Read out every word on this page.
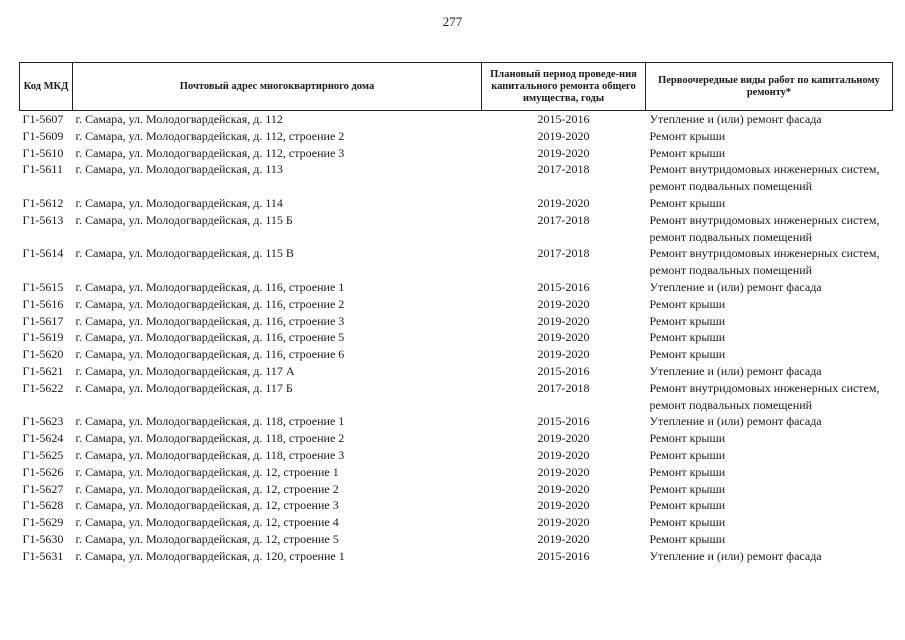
277
Код МКД	Почтовый адрес многоквартирного дома	Плановый период проведе-ния капитального ремонта общего имущества, годы	Первоочередные виды работ по капитальному ремонту*
Г1-5607	г. Самара, ул. Молодогвардейская, д. 112	2015-2016	Утепление и (или) ремонт фасада

Г1-5609	г. Самара, ул. Молодогвардейская, д. 112, строение 2	2019-2020	Ремонт крыши

Г1-5610	г. Самара, ул. Молодогвардейская, д. 112, строение 3	2019-2020	Ремонт крыши

Г1-5611	г. Самара, ул. Молодогвардейская, д. 113	2017-2018	Ремонт внутридомовых инженерных систем,
ремонт подвальных помещений

Г1-5612	г. Самара, ул. Молодогвардейская, д. 114	2019-2020	Ремонт крыши

Г1-5613	г. Самара, ул. Молодогвардейская, д. 115 Б	2017-2018	Ремонт внутридомовых инженерных систем,
ремонт подвальных помещений

Г1-5614	г. Самара, ул. Молодогвардейская, д. 115 В	2017-2018	Ремонт внутридомовых инженерных систем,
ремонт подвальных помещений

Г1-5615	г. Самара, ул. Молодогвардейская, д. 116, строение 1	2015-2016	Утепление и (или) ремонт фасада

Г1-5616	г. Самара, ул. Молодогвардейская, д. 116, строение 2	2019-2020	Ремонт крыши

Г1-5617	г. Самара, ул. Молодогвардейская, д. 116, строение 3	2019-2020	Ремонт крыши

Г1-5619	г. Самара, ул. Молодогвардейская, д. 116, строение 5	2019-2020	Ремонт крыши

Г1-5620	г. Самара, ул. Молодогвардейская, д. 116, строение 6	2019-2020	Ремонт крыши

Г1-5621	г. Самара, ул. Молодогвардейская, д. 117 А	2015-2016	Утепление и (или) ремонт фасада

Г1-5622	г. Самара, ул. Молодогвардейская, д. 117 Б	2017-2018	Ремонт внутридомовых инженерных систем,
ремонт подвальных помещений

Г1-5623	г. Самара, ул. Молодогвардейская, д. 118, строение 1	2015-2016	Утепление и (или) ремонт фасада

Г1-5624	г. Самара, ул. Молодогвардейская, д. 118, строение 2	2019-2020	Ремонт крыши

Г1-5625	г. Самара, ул. Молодогвардейская, д. 118, строение 3	2019-2020	Ремонт крыши

Г1-5626	г. Самара, ул. Молодогвардейская, д. 12, строение 1	2019-2020	Ремонт крыши

Г1-5627	г. Самара, ул. Молодогвардейская, д. 12, строение 2	2019-2020	Ремонт крыши

Г1-5628	г. Самара, ул. Молодогвардейская, д. 12, строение 3	2019-2020	Ремонт крыши

Г1-5629	г. Самара, ул. Молодогвардейская, д. 12, строение 4	2019-2020	Ремонт крыши

Г1-5630	г. Самара, ул. Молодогвардейская, д. 12, строение 5	2019-2020	Ремонт крыши

Г1-5631	г. Самара, ул. Молодогвардейская, д. 120, строение 1	2015-2016	Утепление и (или) ремонт фасада
